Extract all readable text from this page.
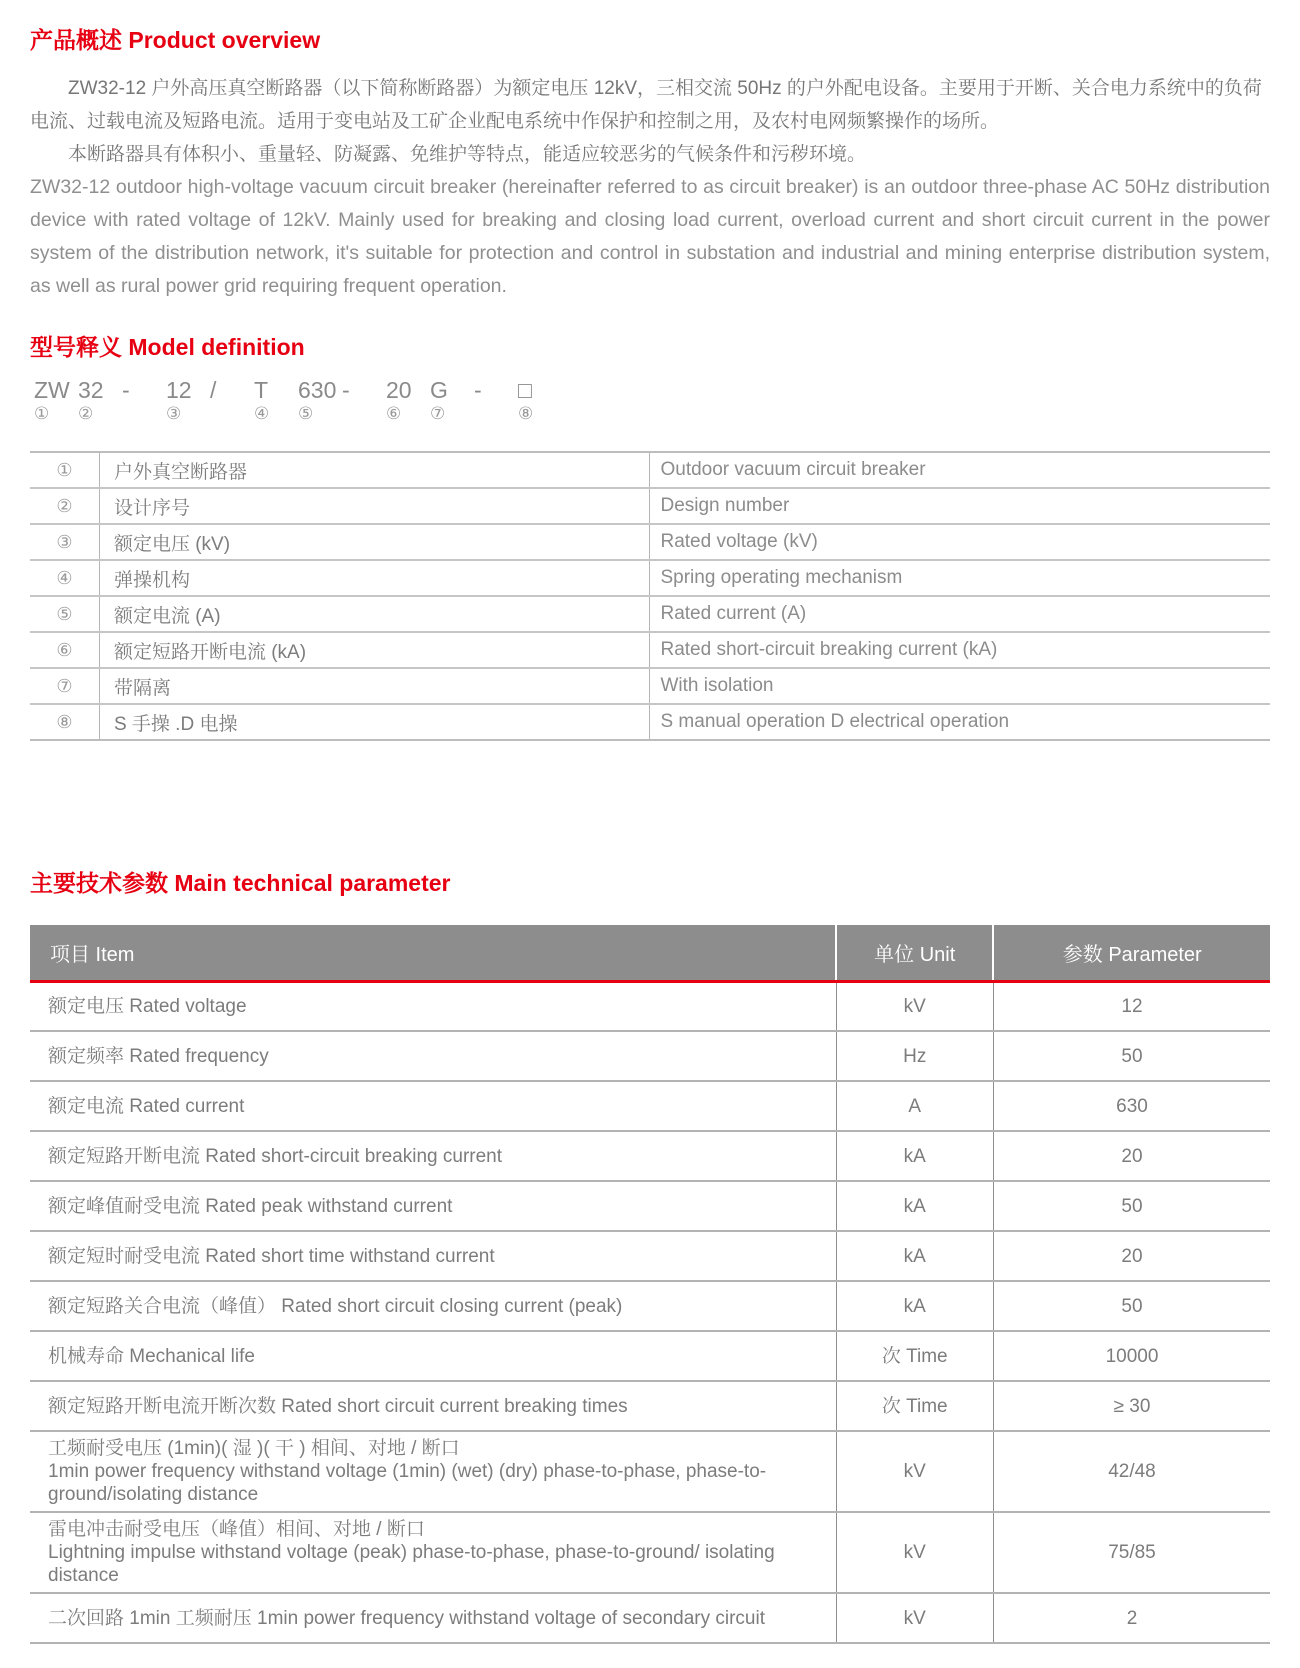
产品概述 Product overview

ZW32-12 户外高压真空断路器（以下简称断路器）为额定电压 12kV，三相交流 50Hz 的户外配电设备。主要用于开断、关合电力系统中的负荷电流、过载电流及短路电流。适用于变电站及工矿企业配电系统中作保护和控制之用，及农村电网频繁操作的场所。

本断路器具有体积小、重量轻、防凝露、免维护等特点，能适应较恶劣的气候条件和污秽环境。

ZW32-12 outdoor high-voltage vacuum circuit breaker (hereinafter referred to as circuit breaker) is an outdoor three-phase AC 50Hz distribution device with rated voltage of 12kV. Mainly used for breaking and closing load current, overload current and short circuit current in the power system of the distribution network, it's suitable for protection and control in substation and industrial and mining enterprise distribution system, as well as rural power grid requiring frequent operation.

型号释义 Model definition
ZW
①
32
②
-	12
③
/	T
④
630
⑤
-	20
⑥
G
⑦
-	□
⑧
①	户外真空断路器	Outdoor vacuum circuit breaker
②	设计序号	Design number
③	额定电压 (kV)	Rated voltage (kV)
④	弹操机构	Spring operating mechanism
⑤	额定电流 (A)	Rated current (A)
⑥	额定短路开断电流 (kA)	Rated short-circuit breaking current (kA)
⑦	带隔离	With isolation
⑧	S 手操 .D 电操	S manual operation D electrical operation
主要技术参数 Main technical parameter
项目 Item	单位 Unit	参数 Parameter

额定电压 Rated voltage	kV	12

额定频率 Rated frequency	Hz	50

额定电流 Rated current	A	630

额定短路开断电流 Rated short-circuit breaking current	kA	20

额定峰值耐受电流 Rated peak withstand current	kA	50

额定短时耐受电流 Rated short time withstand current	kA	20

额定短路关合电流（峰值） Rated short circuit closing current (peak)	kA	50

机械寿命 Mechanical life	次 Time	10000

额定短路开断电流开断次数 Rated short circuit current breaking times	次 Time	≥ 30

工频耐受电压 (1min)( 湿 )( 干 ) 相间、对地 / 断口
1min power frequency withstand voltage (1min) (wet) (dry) phase-to-phase, phase-to-ground/isolating distance	kV	42/48

雷电冲击耐受电压（峰值）相间、对地 / 断口
Lightning impulse withstand voltage (peak) phase-to-phase, phase-to-ground/ isolating distance	kV	75/85

二次回路 1min 工频耐压 1min power frequency withstand voltage of secondary circuit	kV	2
